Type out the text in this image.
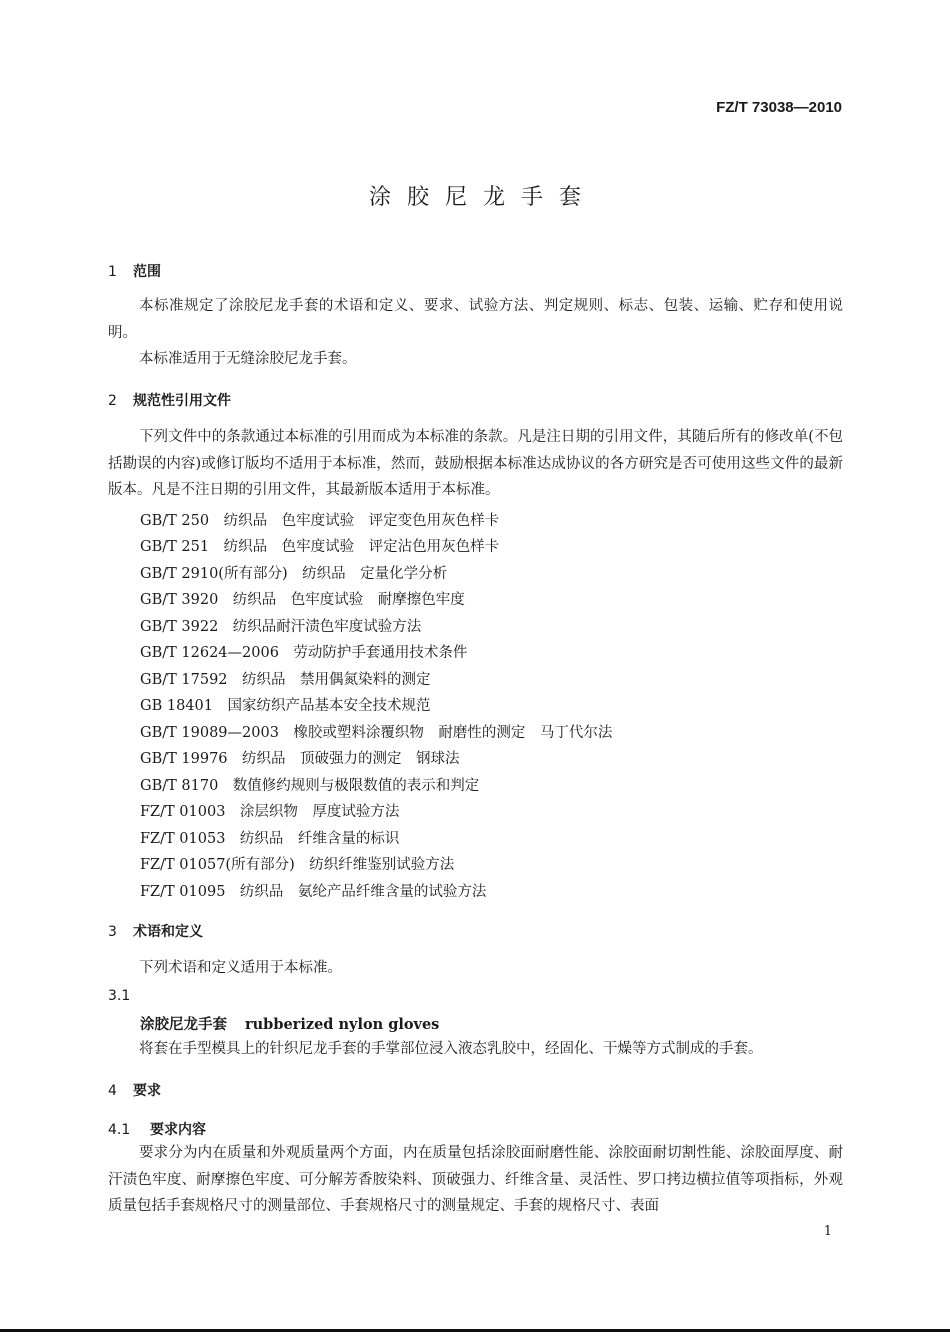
FZ/T 73038—2010
涂胶尼龙手套
1 范围
本标准规定了涂胶尼龙手套的术语和定义、要求、试验方法、判定规则、标志、包装、运输、贮存和使用说明。
本标准适用于无缝涂胶尼龙手套。
2 规范性引用文件
下列文件中的条款通过本标准的引用而成为本标准的条款。凡是注日期的引用文件，其随后所有的修改单(不包括勘误的内容)或修订版均不适用于本标准，然而，鼓励根据本标准达成协议的各方研究是否可使用这些文件的最新版本。凡是不注日期的引用文件，其最新版本适用于本标准。
GB/T 250　纺织品　色牢度试验　评定变色用灰色样卡
GB/T 251　纺织品　色牢度试验　评定沾色用灰色样卡
GB/T 2910(所有部分)　纺织品　定量化学分析
GB/T 3920　纺织品　色牢度试验　耐摩擦色牢度
GB/T 3922　纺织品耐汗渍色牢度试验方法
GB/T 12624—2006　劳动防护手套通用技术条件
GB/T 17592　纺织品　禁用偶氮染料的测定
GB 18401　国家纺织产品基本安全技术规范
GB/T 19089—2003　橡胶或塑料涂覆织物　耐磨性的测定　马丁代尔法
GB/T 19976　纺织品　顶破强力的测定　钢球法
GB/T 8170　数值修约规则与极限数值的表示和判定
FZ/T 01003　涂层织物　厚度试验方法
FZ/T 01053　纺织品　纤维含量的标识
FZ/T 01057(所有部分)　纺织纤维鉴别试验方法
FZ/T 01095　纺织品　氨纶产品纤维含量的试验方法
3 术语和定义
下列术语和定义适用于本标准。
3.1
涂胶尼龙手套 rubberized nylon gloves
将套在手型模具上的针织尼龙手套的手掌部位浸入液态乳胶中，经固化、干燥等方式制成的手套。
4 要求
4.1 要求内容
要求分为内在质量和外观质量两个方面，内在质量包括涂胶面耐磨性能、涂胶面耐切割性能、涂胶面厚度、耐汗渍色牢度、耐摩擦色牢度、可分解芳香胺染料、顶破强力、纤维含量、灵活性、罗口拷边横拉值等项指标，外观质量包括手套规格尺寸的测量部位、手套规格尺寸的测量规定、手套的规格尺寸、表面
1
